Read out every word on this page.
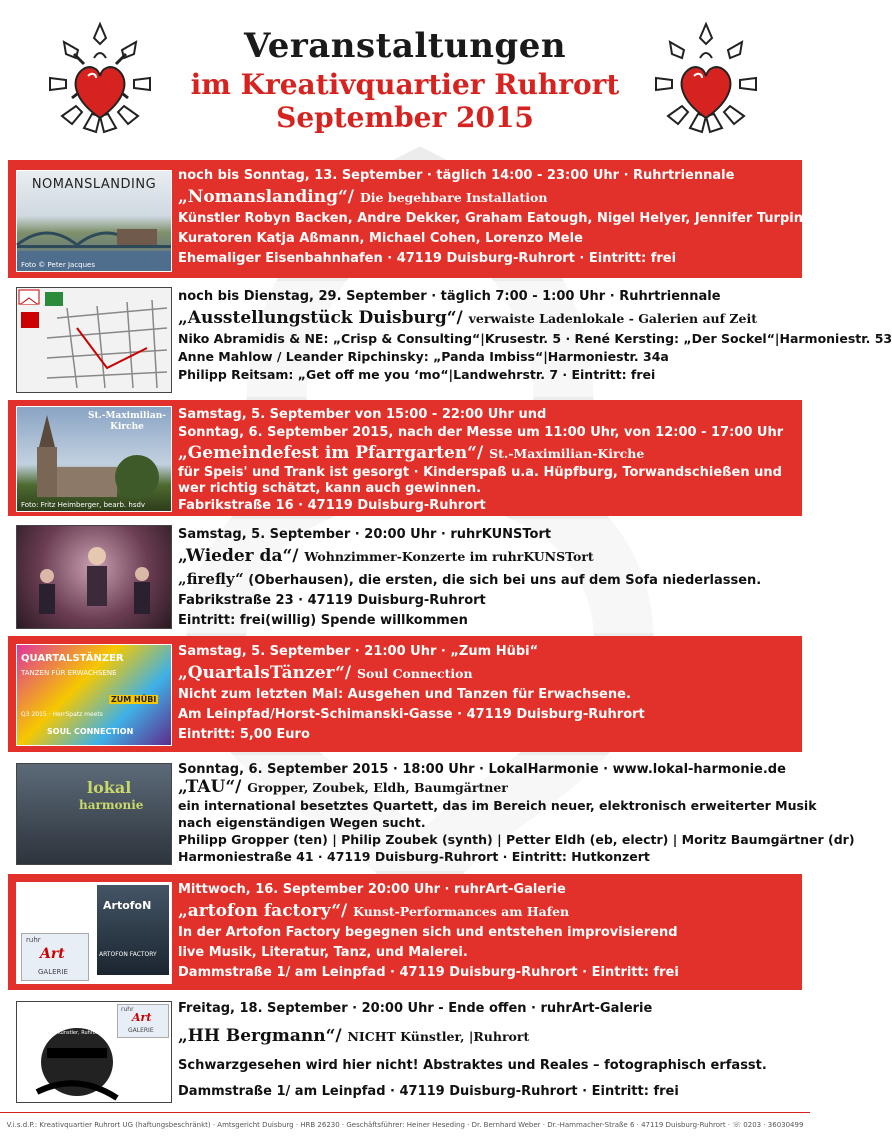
Veranstaltungen
im Kreativquartier Ruhrort
September 2015
NOMANSLANDING
Foto © Peter Jacques
noch bis Sonntag, 13. September · täglich 14:00 - 23:00 Uhr · Ruhrtriennale
„Nomanslanding“/ Die begehbare Installation
Künstler Robyn Backen, Andre Dekker, Graham Eatough, Nigel Helyer, Jennifer Turpin
Kuratoren Katja Aßmann, Michael Cohen, Lorenzo Mele
Ehemaliger Eisenbahnhafen · 47119 Duisburg-Ruhrort · Eintritt: frei
noch bis Dienstag, 29. September · täglich 7:00 - 1:00 Uhr · Ruhrtriennale
„Ausstellungstück Duisburg“/ verwaiste Ladenlokale - Galerien auf Zeit
Niko Abramidis & NE: „Crisp & Consulting“|Krusestr. 5 · René Kersting: „Der Sockel“|Harmoniestr. 53
Anne Mahlow / Leander Ripchinsky: „Panda Imbiss“|Harmoniestr. 34a
Philipp Reitsam: „Get off me you ‘mo“|Landwehrstr. 7 · Eintritt: frei
St.-Maximilian-Kirche
Foto: Fritz Heimberger, bearb. hsdv
Samstag, 5. September von 15:00 - 22:00 Uhr und
Sonntag, 6. September 2015, nach der Messe um 11:00 Uhr, von 12:00 - 17:00 Uhr
„Gemeindefest im Pfarrgarten“/ St.-Maximilian-Kirche
für Speis' und Trank ist gesorgt · Kinderspaß u.a. Hüpfburg, Torwandschießen und
wer richtig schätzt, kann auch gewinnen.
Fabrikstraße 16 · 47119 Duisburg-Ruhrort
Samstag, 5. September · 20:00 Uhr · ruhrKUNSTort
„Wieder da“/ Wohnzimmer-Konzerte im ruhrKUNSTort
„firefly“ (Oberhausen), die ersten, die sich bei uns auf dem Sofa niederlassen.
Fabrikstraße 23 · 47119 Duisburg-Ruhrort
Eintritt: frei(willig) Spende willkommen
QUARTALSTÄNZER
TANZEN FÜR ERWACHSENE
ZUM HÜBI
Q3 2015 · HerrSpatz meets
SOUL CONNECTION
Samstag, 5. September · 21:00 Uhr · „Zum Hübi“
„QuartalsTänzer“/ Soul Connection
Nicht zum letzten Mal: Ausgehen und Tanzen für Erwachsene.
Am Leinpfad/Horst-Schimanski-Gasse · 47119 Duisburg-Ruhrort
Eintritt: 5,00 Euro
lokal
harmonie
Sonntag, 6. September 2015 · 18:00 Uhr · LokalHarmonie · www.lokal-harmonie.de
„TAU“/ Gropper, Zoubek, Eldh, Baumgärtner
ein international besetztes Quartett, das im Bereich neuer, elektronisch erweiterter Musik
nach eigenständigen Wegen sucht.
Philipp Gropper (ten) | Philip Zoubek (synth) | Petter Eldh (eb, electr) | Moritz Baumgärtner (dr)
Harmoniestraße 41 · 47119 Duisburg-Ruhrort · Eintritt: Hutkonzert
ArtofoN
ARTOFON FACTORY
ruhr
Art
GALERIE
Mittwoch, 16. September 20:00 Uhr · ruhrArt-Galerie
„artofon factory“/ Kunst-Performances am Hafen
In der Artofon Factory begegnen sich und entstehen improvisierend
live Musik, Literatur, Tanz, und Malerei.
Dammstraße 1/ am Leinpfad · 47119 Duisburg-Ruhrort · Eintritt: frei
HH Bergmann
Nicht Künstler, Ruhrort
ruhr
Art
GALERIE
Freitag, 18. September · 20:00 Uhr - Ende offen · ruhrArt-Galerie
„HH Bergmann“/ NICHT Künstler, |Ruhrort
Schwarzgesehen wird hier nicht! Abstraktes und Reales – fotographisch erfasst.
Dammstraße 1/ am Leinpfad · 47119 Duisburg-Ruhrort · Eintritt: frei
V.i.s.d.P.: Kreativquartier Ruhrort UG (haftungsbeschränkt) · Amtsgericht Duisburg · HRB 26230 · Geschäftsführer: Heiner Heseding · Dr. Bernhard Weber · Dr.-Hammacher-Straße 6 · 47119 Duisburg-Ruhrort · ☏ 0203 · 36030499
